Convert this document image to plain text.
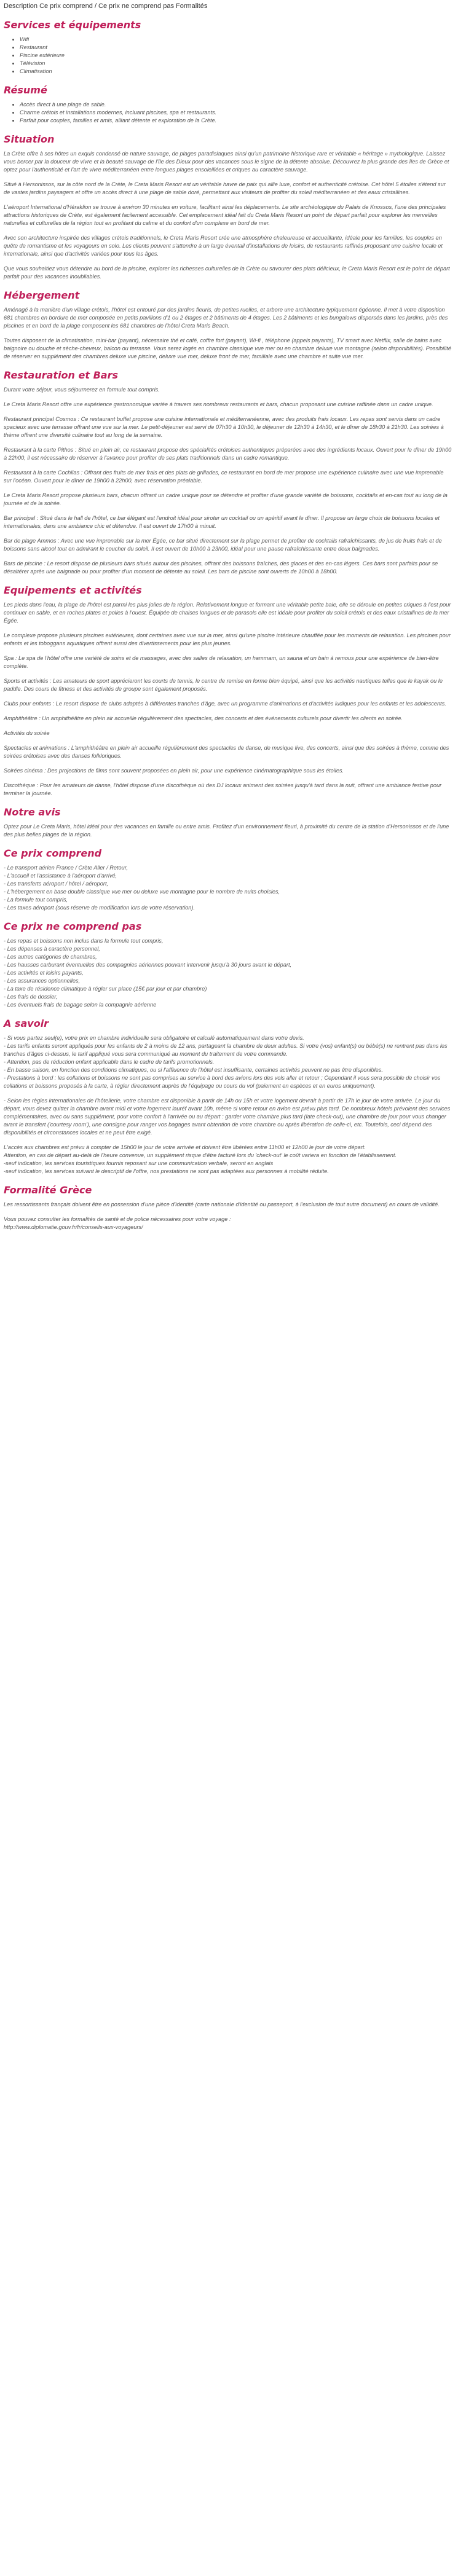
Description Ce prix comprend / Ce prix ne comprend pas Formalités
Services et équipements
• Wifi
• Restaurant
• Piscine extérieure
• Télévision
• Climatisation
Résumé
• Accès direct à une plage de sable.
• Charme crétois et installations modernes, incluant piscines, spa et restaurants.
• Parfait pour couples, familles et amis, alliant détente et exploration de la Crète.
Situation

La Crète offre à ses hôtes un exquis condensé de nature sauvage, de plages paradisiaques ainsi qu'un patrimoine historique rare et véritable « héritage » mythologique. Laissez vous bercer par la douceur de vivre et la beauté sauvage de l'île des Dieux pour des vacances sous le signe de la détente absolue. Découvrez la plus grande des îles de Grèce et optez pour l'authenticité et l'art de vivre méditerranéen entre longues plages ensoleillées et criques au caractère sauvage.

Situé à Hersonissos, sur la côte nord de la Crète, le Creta Maris Resort est un véritable havre de paix qui allie luxe, confort et authenticité crétoise. Cet hôtel 5 étoiles s'étend sur de vastes jardins paysagers et offre un accès direct à une plage de sable doré, permettant aux visiteurs de profiter du soleil méditerranéen et des eaux cristallines.

L'aéroport International d'Héraklion se trouve à environ 30 minutes en voiture, facilitant ainsi les déplacements. Le site archéologique du Palais de Knossos, l'une des principales attractions historiques de Crète, est également facilement accessible. Cet emplacement idéal fait du Creta Maris Resort un point de départ parfait pour explorer les merveilles naturelles et culturelles de la région tout en profitant du calme et du confort d'un complexe en bord de mer.

Avec son architecture inspirée des villages crétois traditionnels, le Creta Maris Resort crée une atmosphère chaleureuse et accueillante, idéale pour les familles, les couples en quête de romantisme et les voyageurs en solo. Les clients peuvent s'attendre à un large éventail d'installations de loisirs, de restaurants raffinés proposant une cuisine locale et internationale, ainsi que d'activités variées pour tous les âges.

Que vous souhaitiez vous détendre au bord de la piscine, explorer les richesses culturelles de la Crète ou savourer des plats délicieux, le Creta Maris Resort est le point de départ parfait pour des vacances inoubliables.

Hébergement

Aménagé à la manière d'un village crétois, l'hôtel est entouré par des jardins fleuris, de petites ruelles, et arbore une architecture typiquement égéenne. Il met à votre disposition 681 chambres en bordure de mer composée en petits pavillons d'1 ou 2 étages et 2 bâtiments de 4 étages. Les 2 bâtiments et les bungalows dispersés dans les jardins, près des piscines et en bord de la plage composent les 681 chambres de l'hôtel Creta Maris Beach.

Toutes disposent de la climatisation, mini-bar (payant), nécessaire thé et café, coffre fort (payant), Wi-fi , téléphone (appels payants), TV smart avec Netflix, salle de bains avec baignoire ou douche et sèche-cheveux, balcon ou terrasse. Vous serez logés en chambre classique vue mer ou en chambre deluxe vue montagne (selon disponibilités). Possibilité de réserver en supplément des chambres deluxe vue piscine, deluxe vue mer, deluxe front de mer, familiale avec une chambre et suite vue mer.

Restauration et Bars

Durant votre séjour, vous séjournerez en formule tout compris.

Le Creta Maris Resort offre une expérience gastronomique variée à travers ses nombreux restaurants et bars, chacun proposant une cuisine raffinée dans un cadre unique.

Restaurant principal Cosmos : Ce restaurant buffet propose une cuisine internationale et méditerranéenne, avec des produits frais locaux. Les repas sont servis dans un cadre spacieux avec une terrasse offrant une vue sur la mer. Le petit-déjeuner est servi de 07h30 à 10h30, le déjeuner de 12h30 à 14h30, et le dîner de 18h30 à 21h30. Les soirées à thème offrent une diversité culinaire tout au long de la semaine.

Restaurant à la carte Pithos : Situé en plein air, ce restaurant propose des spécialités crétoises authentiques préparées avec des ingrédients locaux. Ouvert pour le dîner de 19h00 à 22h00, il est nécessaire de réserver à l'avance pour profiter de ses plats traditionnels dans un cadre romantique.

Restaurant à la carte Cochlias : Offrant des fruits de mer frais et des plats de grillades, ce restaurant en bord de mer propose une expérience culinaire avec une vue imprenable sur l'océan. Ouvert pour le dîner de 19h00 à 22h00, avec réservation préalable.

Le Creta Maris Resort propose plusieurs bars, chacun offrant un cadre unique pour se détendre et profiter d'une grande variété de boissons, cocktails et en-cas tout au long de la journée et de la soirée.

Bar principal : Situé dans le hall de l'hôtel, ce bar élégant est l'endroit idéal pour siroter un cocktail ou un apéritif avant le dîner. Il propose un large choix de boissons locales et internationales, dans une ambiance chic et détendue. Il est ouvert de 17h00 à minuit.

Bar de plage Ammos : Avec une vue imprenable sur la mer Égée, ce bar situé directement sur la plage permet de profiter de cocktails rafraîchissants, de jus de fruits frais et de boissons sans alcool tout en admirant le coucher du soleil. Il est ouvert de 10h00 à 23h00, idéal pour une pause rafraîchissante entre deux baignades.

Bars de piscine : Le resort dispose de plusieurs bars situés autour des piscines, offrant des boissons fraîches, des glaces et des en-cas légers. Ces bars sont parfaits pour se désaltérer après une baignade ou pour profiter d'un moment de détente au soleil. Les bars de piscine sont ouverts de 10h00 à 18h00.

Equipements et activités

Les pieds dans l'eau, la plage de l'hôtel est parmi les plus jolies de la région. Relativement longue et formant une véritable petite baie, elle se déroule en petites criques à l'est pour continuer en sable, et en roches plates et polies à l'ouest. Équipée de chaises longues et de parasols elle est idéale pour profiter du soleil crétois et des eaux cristallines de la mer Égée.

Le complexe propose plusieurs piscines extérieures, dont certaines avec vue sur la mer, ainsi qu'une piscine intérieure chauffée pour les moments de relaxation. Les piscines pour enfants et les toboggans aquatiques offrent aussi des divertissements pour les plus jeunes.

Spa : Le spa de l'hôtel offre une variété de soins et de massages, avec des salles de relaxation, un hammam, un sauna et un bain à remous pour une expérience de bien-être complète.

Sports et activités : Les amateurs de sport apprécieront les courts de tennis, le centre de remise en forme bien équipé, ainsi que les activités nautiques telles que le kayak ou le paddle. Des cours de fitness et des activités de groupe sont également proposés.

Clubs pour enfants : Le resort dispose de clubs adaptés à différentes tranches d'âge, avec un programme d'animations et d'activités ludiques pour les enfants et les adolescents.

Amphithéâtre : Un amphithéâtre en plein air accueille régulièrement des spectacles, des concerts et des événements culturels pour divertir les clients en soirée.

Activités du soirée

Spectacles et animations : L'amphithéâtre en plein air accueille régulièrement des spectacles de danse, de musique live, des concerts, ainsi que des soirées à thème, comme des soirées crétoises avec des danses folkloriques.

Soirées cinéma : Des projections de films sont souvent proposées en plein air, pour une expérience cinématographique sous les étoiles.

Discothèque : Pour les amateurs de danse, l'hôtel dispose d'une discothèque où des DJ locaux animent des soirées jusqu'à tard dans la nuit, offrant une ambiance festive pour terminer la journée.

Notre avis

Optez pour Le Creta Maris, hôtel idéal pour des vacances en famille ou entre amis. Profitez d'un environnement fleuri, à proximité du centre de la station d'Hersonissos et de l'une des plus belles plages de la région.

Ce prix comprend

- Le transport aérien France / Crète Aller / Retour,
- L'accueil et l'assistance à l'aéroport d'arrivé,
- Les transferts aéroport / hôtel / aéroport,
- L'hébergement en base double classique vue mer ou deluxe vue montagne pour le nombre de nuits choisies,
- La formule tout compris,
- Les taxes aéroport (sous réserve de modification lors de votre réservation).

Ce prix ne comprend pas

- Les repas et boissons non inclus dans la formule tout compris,
- Les dépenses à caractère personnel,
- Les autres catégories de chambres,
- Les hausses carburant éventuelles des compagnies aériennes pouvant intervenir jusqu'à 30 jours avant le départ,
- Les activités et loisirs payants,
- Les assurances optionnelles,
- La taxe de résidence climatique à régler sur place (15€ par jour et par chambre)
- Les frais de dossier,
- Les éventuels frais de bagage selon la compagnie aérienne

A savoir

- Si vous partez seul(e), votre prix en chambre individuelle sera obligatoire et calculé automatiquement dans votre devis.
- Les tarifs enfants seront appliqués pour les enfants de 2 à moins de 12 ans, partageant la chambre de deux adultes. Si votre (vos) enfant(s) ou bébé(s) ne rentrent pas dans les tranches d'âges ci-dessus, le tarif appliqué vous sera communiqué au moment du traitement de votre commande.
- Attention, pas de réduction enfant applicable dans le cadre de tarifs promotionnels.
- En basse saison, en fonction des conditions climatiques, ou si l'affluence de l'hôtel est insuffisante, certaines activités peuvent ne pas être disponibles.
- Prestations à bord : les collations et boissons ne sont pas comprises au service à bord des avions lors des vols aller et retour ; Cependant il vous sera possible de choisir vos collations et boissons proposés à la carte, à régler directement auprès de l'équipage ou cours du vol (paiement en espèces et en euros uniquement).

- Selon les règles internationales de l'hôtellerie, votre chambre est disponible à partir de 14h ou 15h et votre logement devrait à partir de 17h le jour de votre arrivée. Le jour du départ, vous devez quitter la chambre avant midi et votre logement lauréf avant 10h, même si votre retour en avion est prévu plus tard. De nombreux hôtels prévoient des services complémentaires, avec ou sans supplément, pour votre confort à l'arrivée ou au départ : garder votre chambre plus tard (late check-out), une chambre de jour pour vous changer avant le transfert ('courtesy room'), une consigne pour ranger vos bagages avant obtention de votre chambre ou après libération de celle-ci, etc. Toutefois, ceci dépend des disponibilités et circonstances locales et ne peut être exigé.

L'accès aux chambres est prévu à compter de 15h00 le jour de votre arrivée et doivent être libérées entre 11h00 et 12h00 le jour de votre départ.
Attention, en cas de départ au-delà de l'heure convenue, un supplément risque d'être facturé lors du 'check-out' le coût variera en fonction de l'établissement.
-seuf indication, les services touristiques fournis reposant sur une communication verbale, seront en anglais
-seuf indication, les services suivant le descriptif de l'offre, nos prestations ne sont pas adaptées aux personnes à mobilité réduite.

Formalité Grèce

Les ressortissants français doivent être en possession d'une pièce d'identité (carte nationale d'identité ou passeport, à l'exclusion de tout autre document) en cours de validité.

Vous pouvez consulter les formalités de santé et de police nécessaires pour votre voyage :
http://www.diplomatie.gouv.fr/fr/conseils-aux-voyageurs/
